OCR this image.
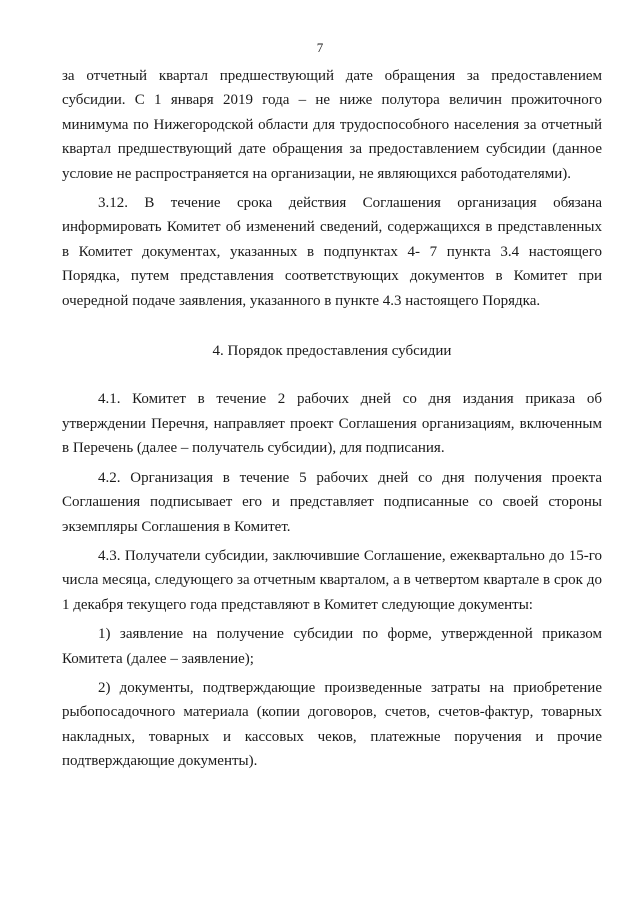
7

за отчетный квартал предшествующий дате обращения за предоставлением субсидии. С 1 января 2019 года – не ниже полутора величин прожиточного минимума по Нижегородской области для трудоспособного населения за отчетный квартал предшествующий дате обращения за предоставлением субсидии (данное условие не распространяется на организации, не являющихся работодателями).

3.12. В течение срока действия Соглашения организация обязана информировать Комитет об изменений сведений, содержащихся в представленных в Комитет документах, указанных в подпунктах 4- 7 пункта 3.4 настоящего Порядка, путем представления соответствующих документов в Комитет при очередной подаче заявления, указанного в пункте 4.3 настоящего Порядка.

4. Порядок предоставления субсидии

4.1. Комитет в течение 2 рабочих дней со дня издания приказа об утверждении Перечня, направляет проект Соглашения организациям, включенным в Перечень (далее – получатель субсидии), для подписания.

4.2. Организация в течение 5 рабочих дней со дня получения проекта Соглашения подписывает его и представляет подписанные со своей стороны экземпляры Соглашения в Комитет.

4.3. Получатели субсидии, заключившие Соглашение, ежеквартально до 15-го числа месяца, следующего за отчетным кварталом, а в четвертом квартале в срок до 1 декабря текущего года представляют в Комитет следующие документы:

1) заявление на получение субсидии по форме, утвержденной приказом Комитета (далее – заявление);

2) документы, подтверждающие произведенные затраты на приобретение рыбопосадочного материала (копии договоров, счетов, счетов-фактур, товарных накладных, товарных и кассовых чеков, платежные поручения и прочие подтверждающие документы).
